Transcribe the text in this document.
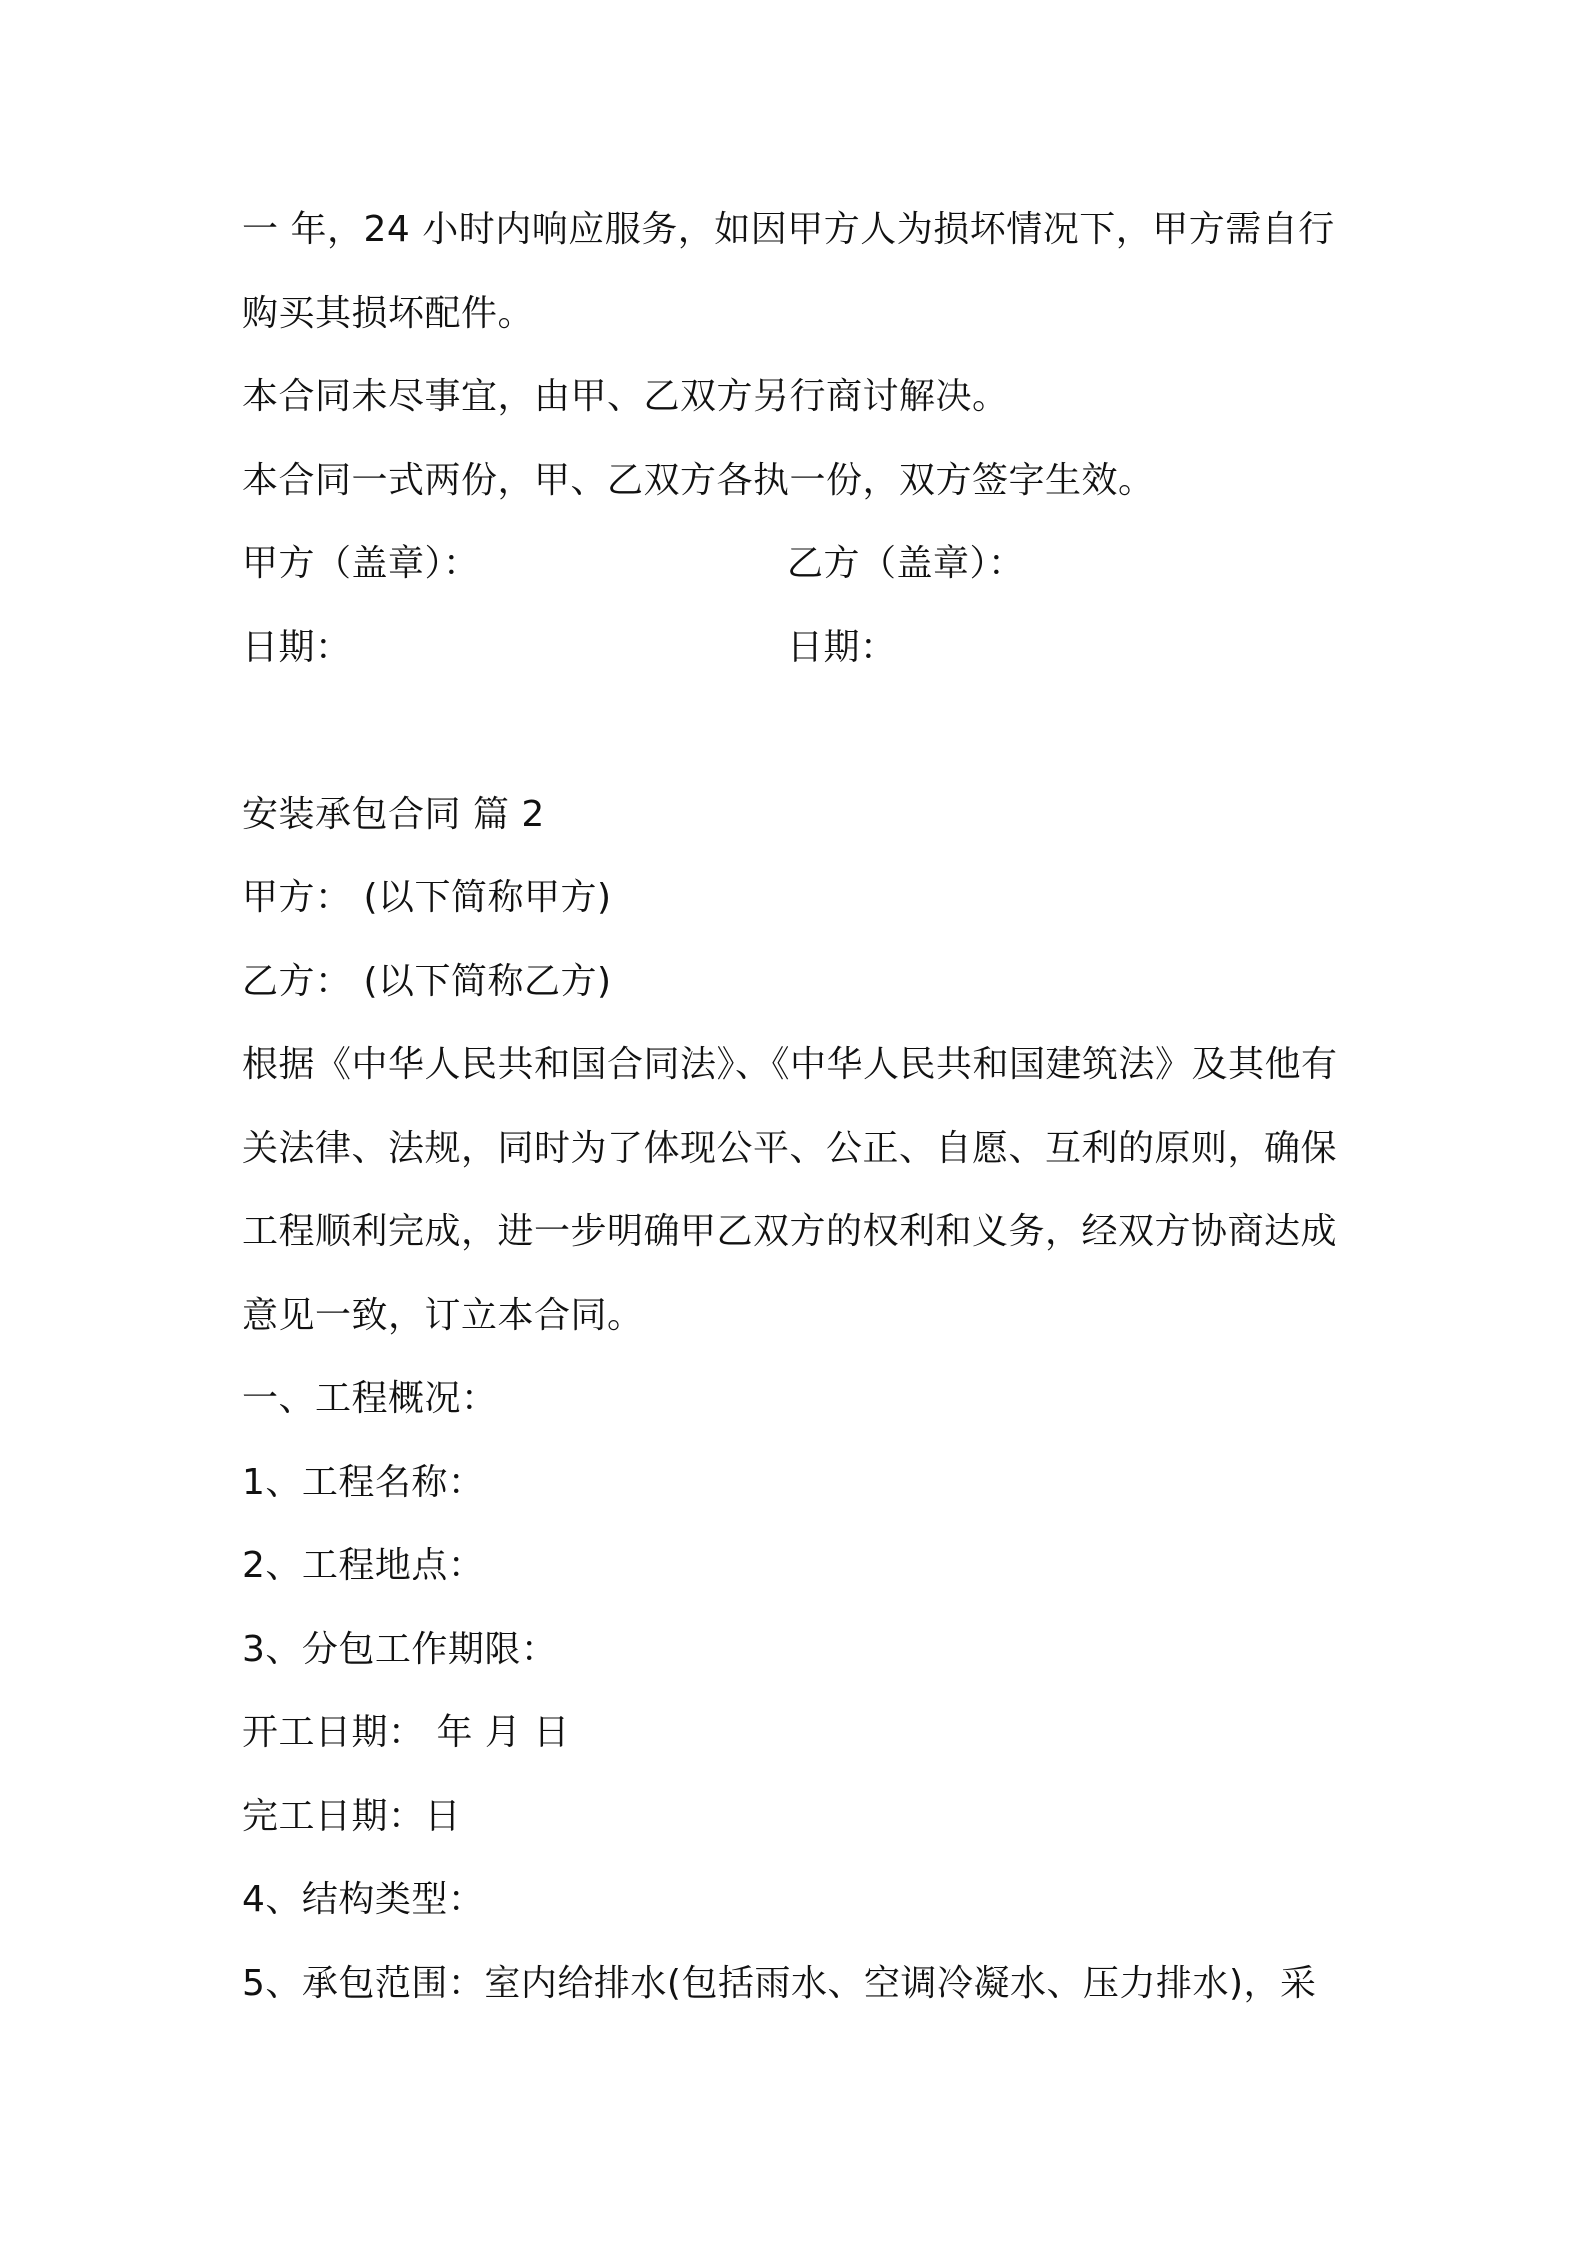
一 年，24 小时内响应服务，如因甲方人为损坏情况下，甲方需自行
购买其损坏配件。
本合同未尽事宜，由甲、乙双方另行商讨解决。
本合同一式两份，甲、乙双方各执一份，双方签字生效。
甲方（盖章）：	乙方（盖章）：
日期：	日期：
安装承包合同 篇 2
甲方： (以下简称甲方)
乙方： (以下简称乙方)
根据《中华人民共和国合同法》、《中华人民共和国建筑法》及其他有
关法律、法规，同时为了体现公平、公正、自愿、互利的原则，确保
工程顺利完成，进一步明确甲乙双方的权利和义务，经双方协商达成
意见一致，订立本合同。
一、工程概况：
1、工程名称：
2、工程地点：
3、分包工作期限：
开工日期： 年 月 日
完工日期：日
4、结构类型：
5、承包范围：室内给排水(包括雨水、空调冷凝水、压力排水)，采
